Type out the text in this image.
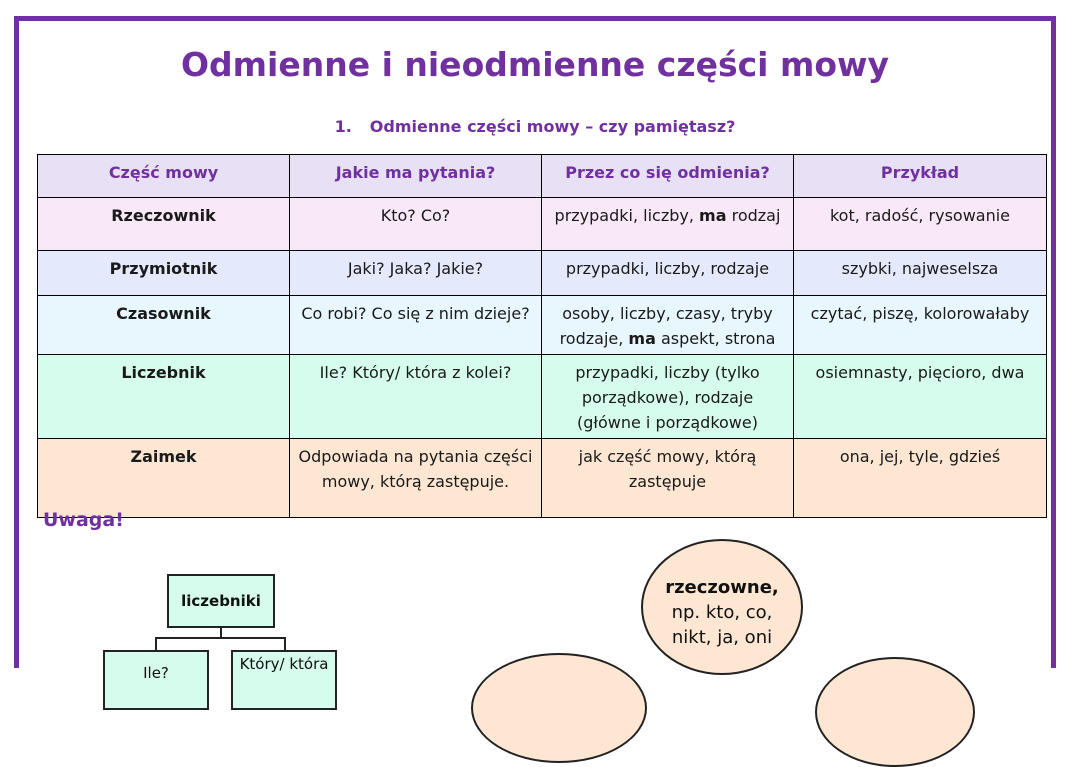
Odmienne i nieodmienne części mowy
1. Odmienne części mowy – czy pamiętasz?
Część mowy	Jakie ma pytania?	Przez co się odmienia?	Przykład
Rzeczownik	Kto? Co?	przypadki, liczby, ma rodzaj	kot, radość, rysowanie
Przymiotnik	Jaki? Jaka? Jakie?	przypadki, liczby, rodzaje	szybki, najweselsza
Czasownik	Co robi? Co się z nim dzieje?	osoby, liczby, czasy, tryby rodzaje, ma aspekt, strona	czytać, piszę, kolorowałaby
Liczebnik	Ile? Który/ która z kolei?	przypadki, liczby (tylko porządkowe), rodzaje (główne i porządkowe)	osiemnasty, pięcioro, dwa
Zaimek	Odpowiada na pytania części mowy, którą zastępuje.	jak część mowy, którą zastępuje	ona, jej, tyle, gdzieś
Uwaga!
liczebniki
Ile?	Który/ która
rzeczowne,
np. kto, co,
nikt, ja, oni
